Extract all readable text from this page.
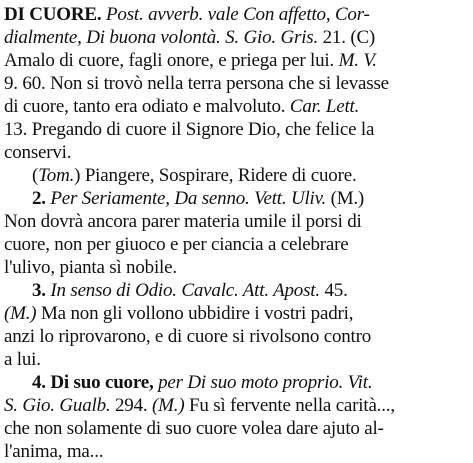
DI CUORE. Post. avverb. vale Con affetto, Cor-
dialmente, Di buona volontà. S. Gio. Gris. 21. (C)
Amalo di cuore, fagli onore, e priega per lui. M. V.
9. 60. Non si trovò nella terra persona che si levasse
di cuore, tanto era odiato e malvoluto. Car. Lett.
13. Pregando di cuore il Signore Dio, che felice la
conservi.
(Tom.) Piangere, Sospirare, Ridere di cuore.
2. Per Seriamente, Da senno. Vett. Uliv. (M.)
Non dovrà ancora parer materia umile il porsi di
cuore, non per giuoco e per ciancia a celebrare
l'ulivo, pianta sì nobile.
3. In senso di Odio. Cavalc. Att. Apost. 45.
(M.) Ma non gli vollono ubbidire i vostri padri,
anzi lo riprovarono, e di cuore si rivolsono contro
a lui.
4. Di suo cuore, per Di suo moto proprio. Vit.
S. Gio. Gualb. 294. (M.) Fu sì fervente nella carità...,
che non solamente di suo cuore volea dare ajuto al-
l'anima, ma...
